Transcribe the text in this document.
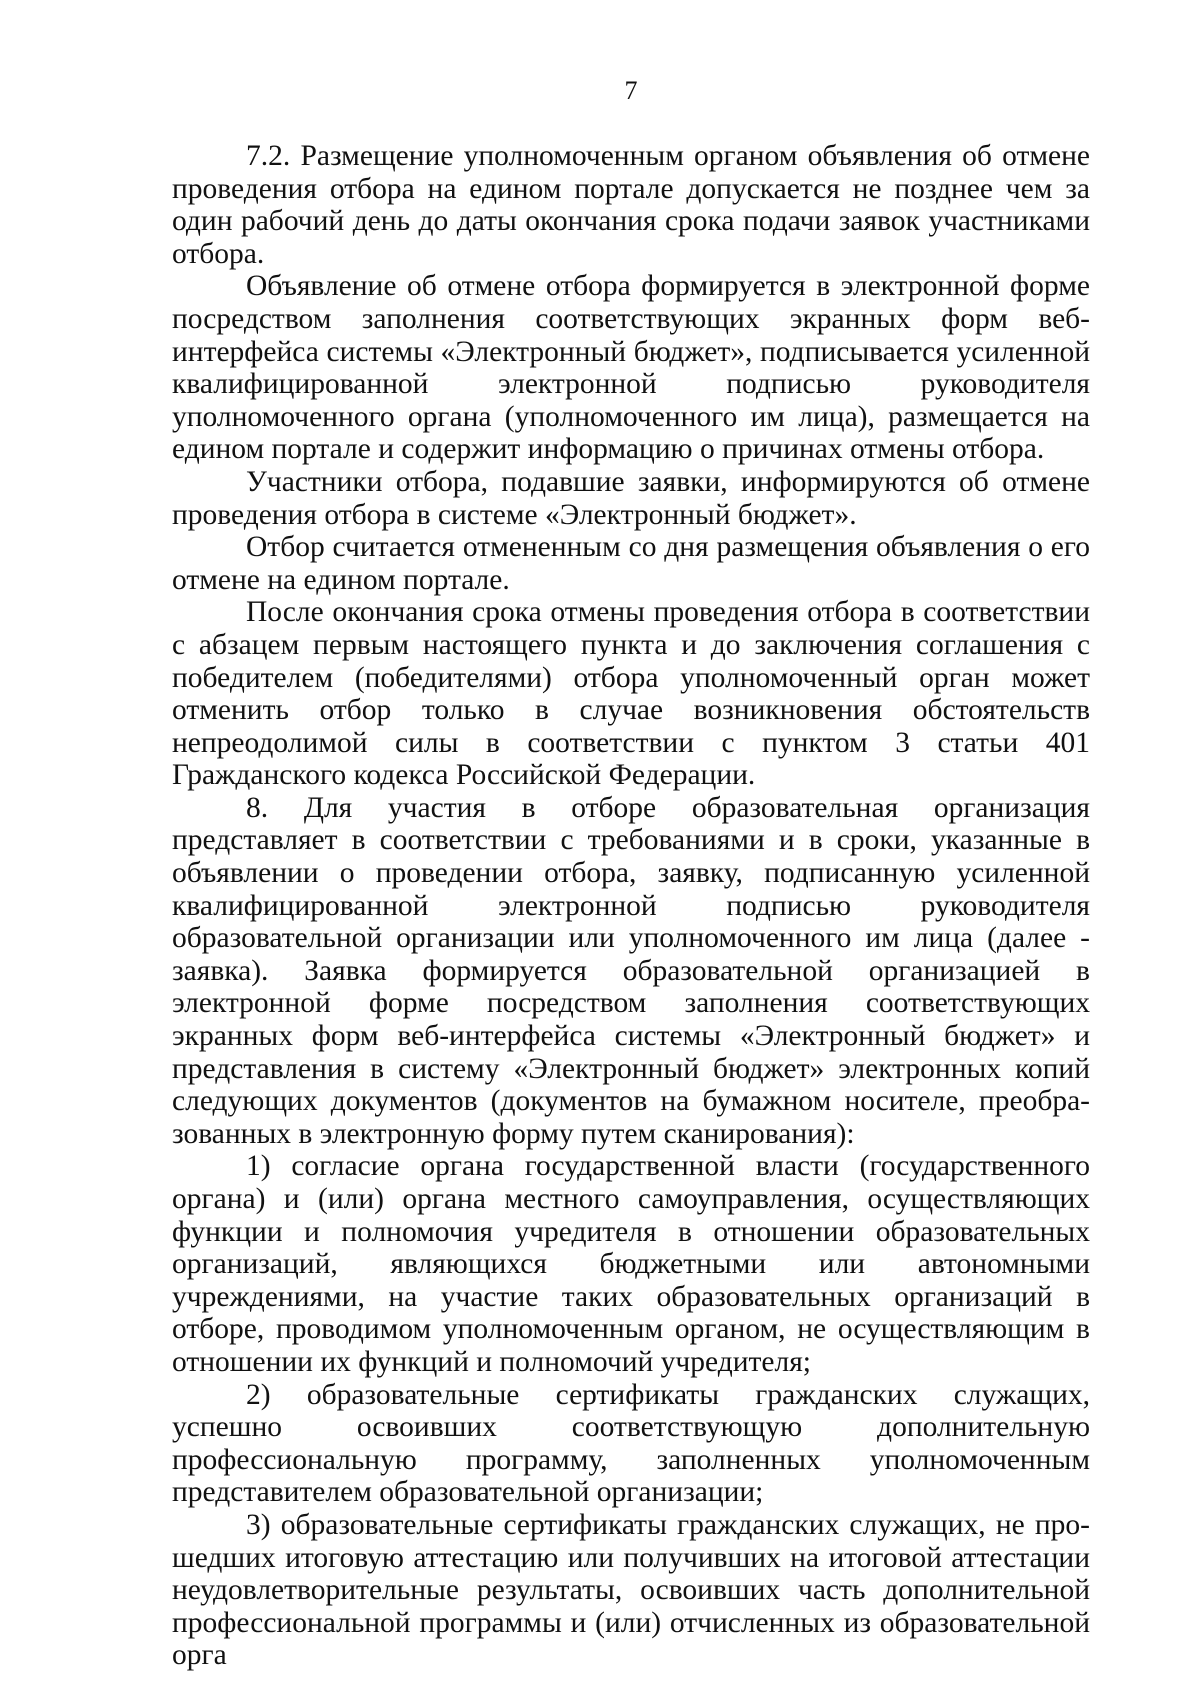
7

7.2. Размещение уполномоченным органом объявления об отмене проведения отбора на едином портале допускается не позднее чем за один рабочий день до даты окончания срока подачи заявок участниками отбора.

Объявление об отмене отбора формируется в электронной форме посредством заполнения соответствующих экранных форм веб-интерфейса системы «Электронный бюджет», подписывается усиленной квалифицированной электронной подписью руководителя уполномоченного органа (уполномоченного им лица), размещается на едином портале и содержит информацию о причинах отмены отбора.

Участники отбора, подавшие заявки, информируются об отмене проведения отбора в системе «Электронный бюджет».

Отбор считается отмененным со дня размещения объявления о его отмене на едином портале.

После окончания срока отмены проведения отбора в соответствии с абзацем первым настоящего пункта и до заключения соглашения с победителем (победителями) отбора уполномоченный орган может отменить отбор только в случае возникновения обстоятельств непреодолимой силы в соответствии с пунктом 3 статьи 401 Гражданского кодекса Российской Федерации.

8. Для участия в отборе образовательная организация представляет в соответствии с требованиями и в сроки, указанные в объявлении о проведении отбора, заявку, подписанную усиленной квалифицированной электронной подписью руководителя образовательной организации или уполномоченного им лица (далее - заявка). Заявка формируется образовательной организацией в электронной форме посредством заполнения соответствующих экранных форм веб-интерфейса системы «Электронный бюджет» и представления в систему «Электронный бюджет» электронных копий следующих документов (документов на бумажном носителе, преобразованных в электронную форму путем сканирования):

1) согласие органа государственной власти (государственного органа) и (или) органа местного самоуправления, осуществляющих функции и полномочия учредителя в отношении образовательных организаций, являющихся бюджетными или автономными учреждениями, на участие таких образовательных организаций в отборе, проводимом уполномоченным органом, не осуществляющим в отношении их функций и полномочий учредителя;

2) образовательные сертификаты гражданских служащих, успешно освоивших соответствующую дополнительную профессиональную программу, заполненных уполномоченным представителем образовательной организации;

3) образовательные сертификаты гражданских служащих, не прошедших итоговую аттестацию или получивших на итоговой аттестации неудовлетворительные результаты, освоивших часть дополнительной профессиональной программы и (или) отчисленных из образовательной орга
